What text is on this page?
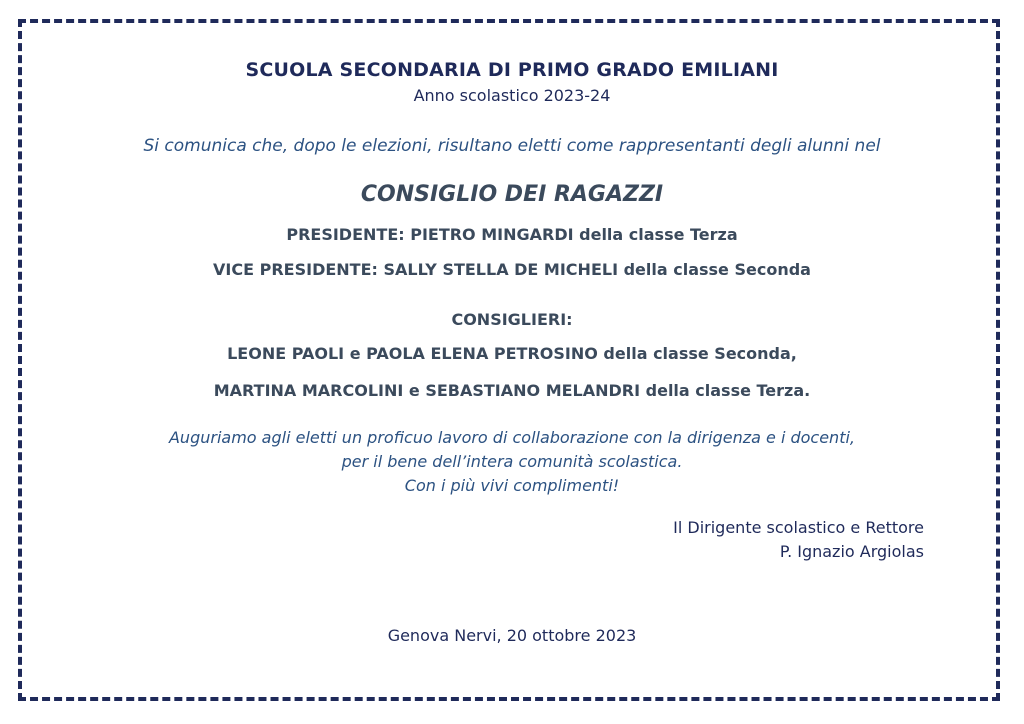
SCUOLA SECONDARIA DI PRIMO GRADO EMILIANI
Anno scolastico 2023-24
Si comunica che, dopo le elezioni, risultano eletti come rappresentanti degli alunni nel
CONSIGLIO DEI RAGAZZI
PRESIDENTE: PIETRO MINGARDI della classe Terza
VICE PRESIDENTE: SALLY STELLA DE MICHELI della classe Seconda
CONSIGLIERI:
LEONE PAOLI e PAOLA ELENA PETROSINO della classe Seconda,
MARTINA MARCOLINI e SEBASTIANO MELANDRI della classe Terza.
Auguriamo agli eletti un proficuo lavoro di collaborazione con la dirigenza e i docenti,
per il bene dell’intera comunità scolastica.
Con i più vivi complimenti!
Il Dirigente scolastico e Rettore
P. Ignazio Argiolas
Genova Nervi, 20 ottobre 2023
